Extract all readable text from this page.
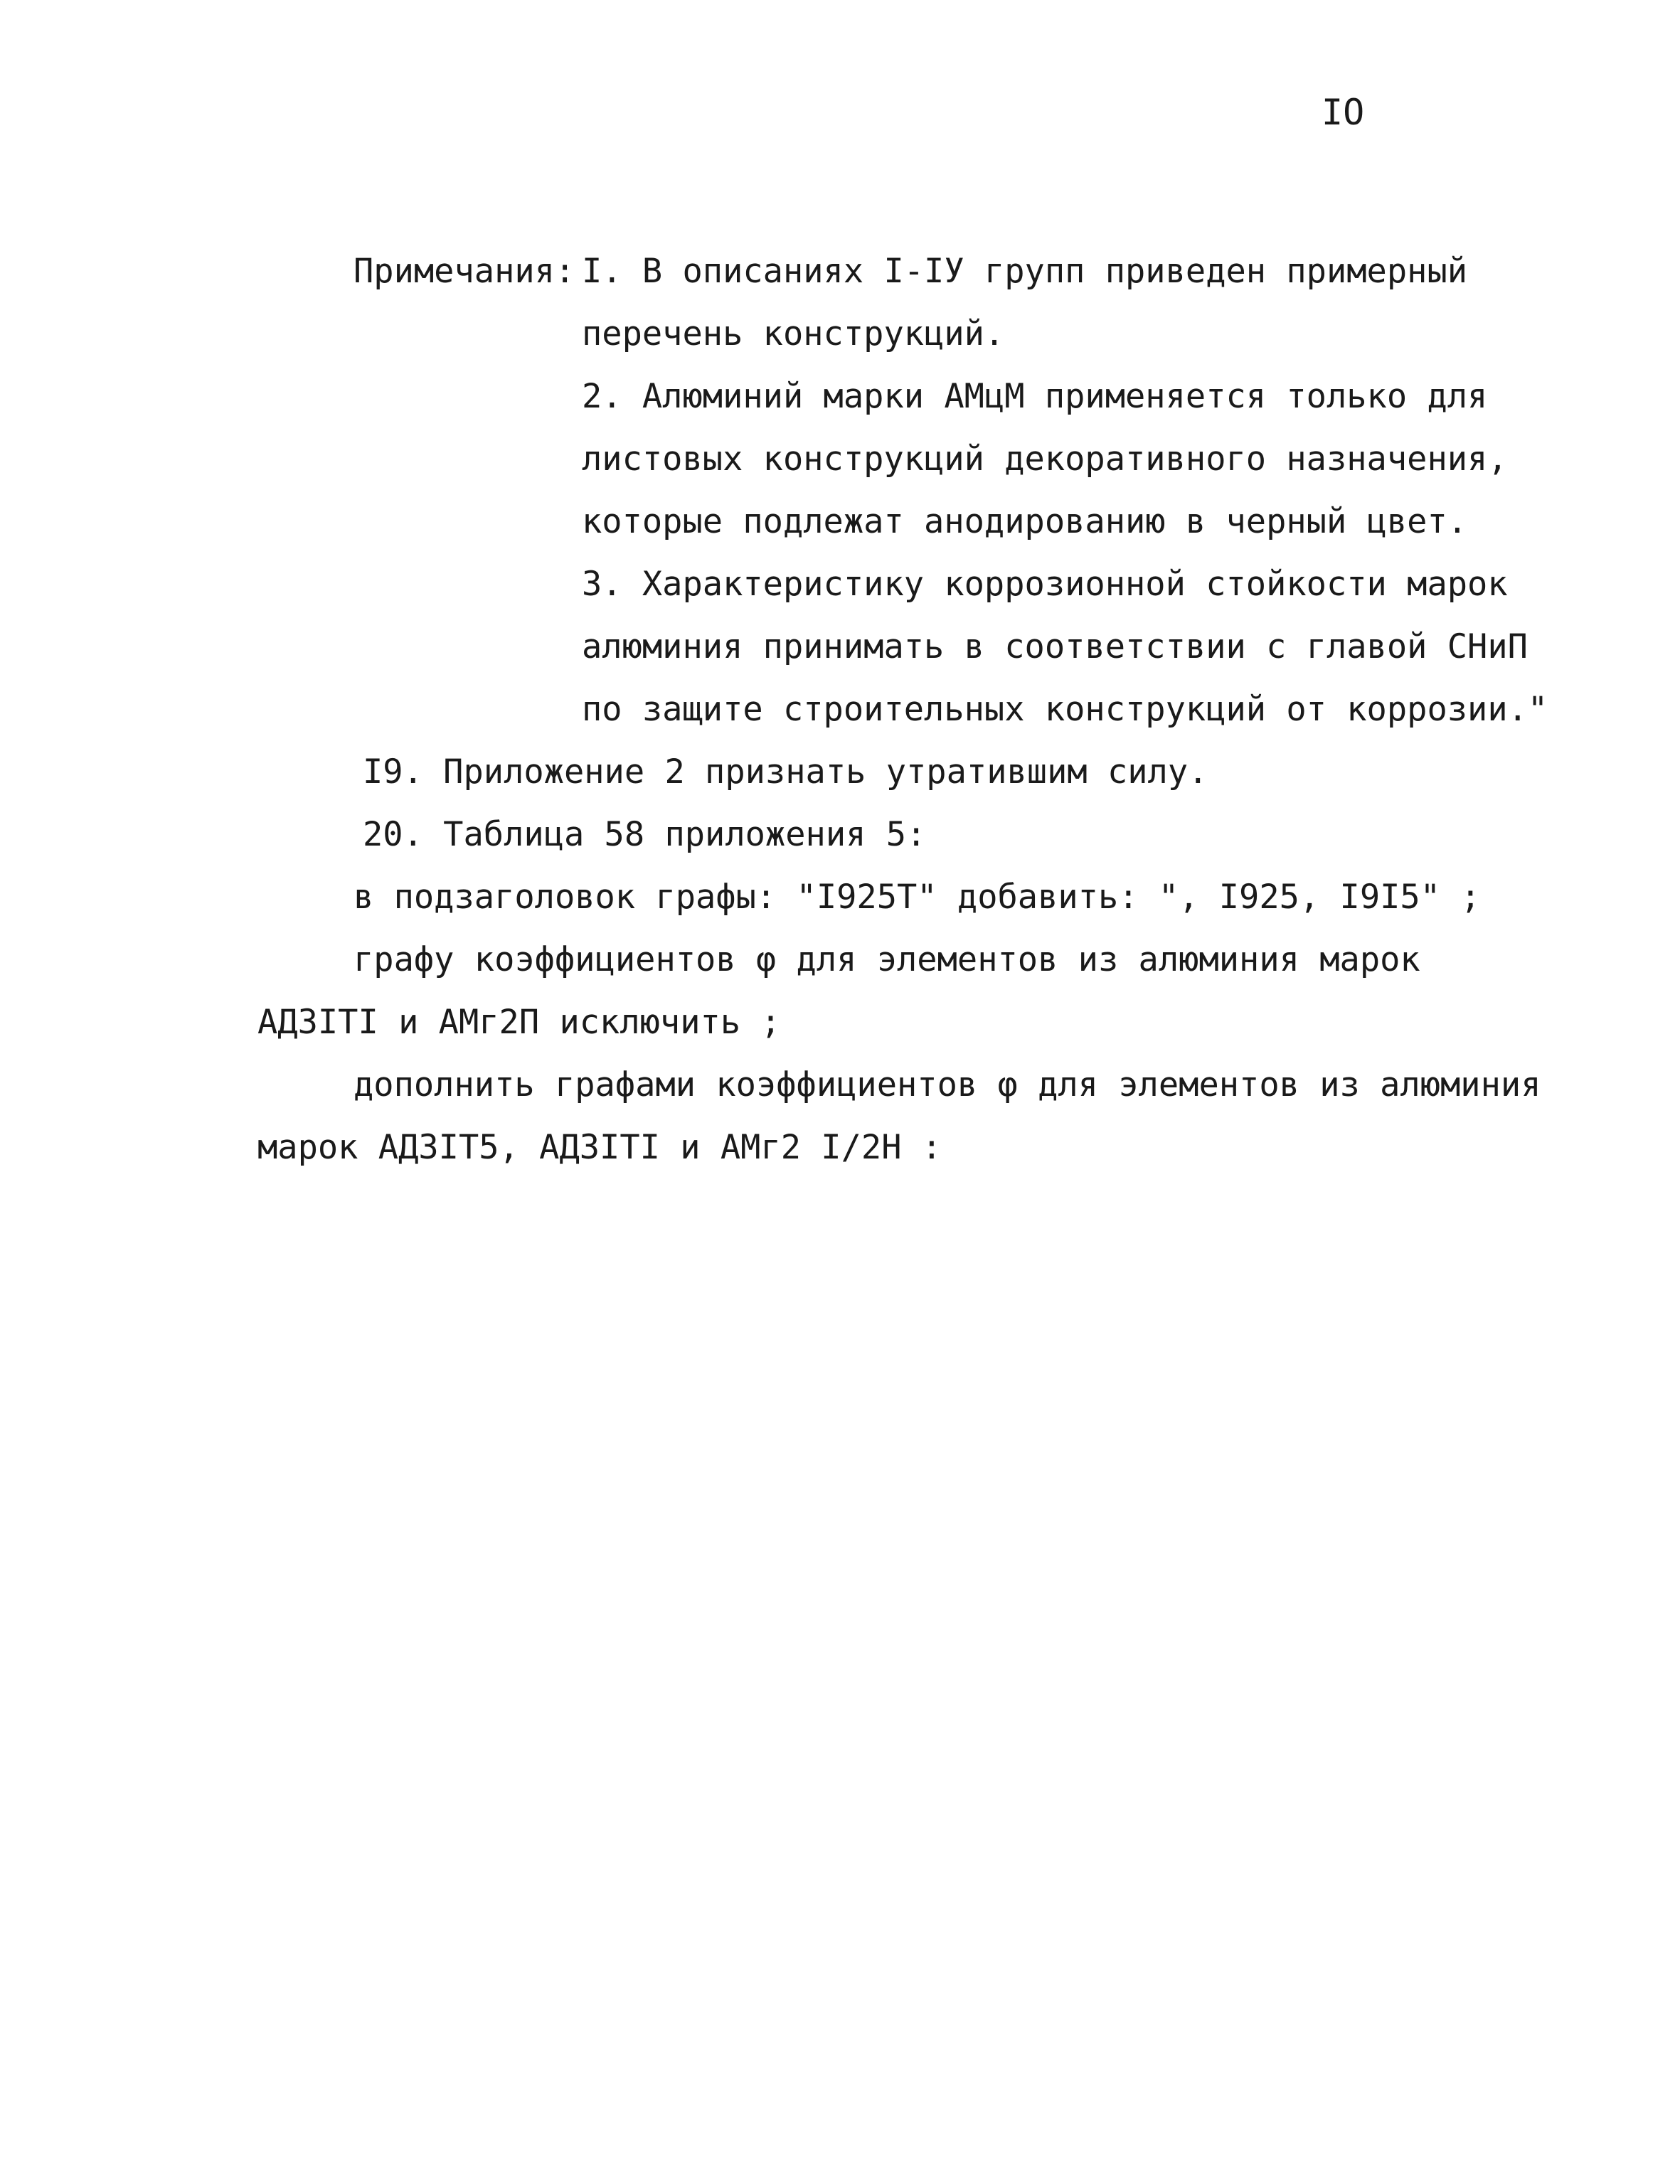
IO
Примечания: I. В описаниях I-IУ групп приведен примерный
перечень конструкций.
2. Алюминий марки АМцМ применяется только для
листовых конструкций декоративного назначения,
которые подлежат анодированию в черный цвет.
3. Характеристику коррозионной стойкости марок
алюминия принимать в соответствии с главой СНиП
по защите строительных конструкций от коррозии."
I9. Приложение 2 признать утратившим силу.
20. Таблица 58 приложения 5:
в подзаголовок графы: "I925Т" добавить: ", I925, I9I5" ;
графу коэффициентов φ для элементов из алюминия марок
АДЗIТI и АМг2П исключить ;
дополнить графами коэффициентов φ для элементов из алюминия
марок АДЗIТ5, АДЗIТI и АМг2 I/2Н :
